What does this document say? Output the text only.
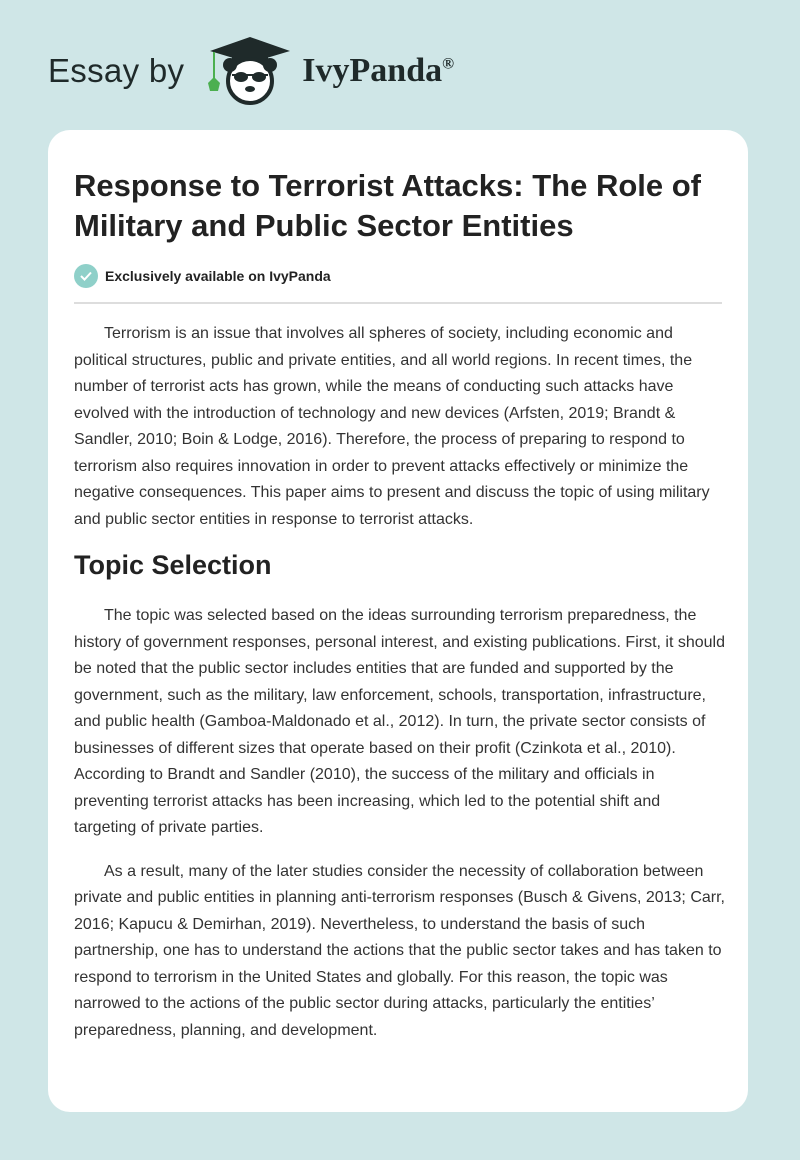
Essay by	IvyPanda®
Response to Terrorist Attacks: The Role of Military and Public Sector Entities
Exclusively available on IvyPanda

Terrorism is an issue that involves all spheres of society, including economic and political structures, public and private entities, and all world regions. In recent times, the number of terrorist acts has grown, while the means of conducting such attacks have evolved with the introduction of technology and new devices (Arfsten, 2019; Brandt & Sandler, 2010; Boin & Lodge, 2016). Therefore, the process of preparing to respond to terrorism also requires innovation in order to prevent attacks effectively or minimize the negative consequences. This paper aims to present and discuss the topic of using military and public sector entities in response to terrorist attacks.

Topic Selection

The topic was selected based on the ideas surrounding terrorism preparedness, the history of government responses, personal interest, and existing publications. First, it should be noted that the public sector includes entities that are funded and supported by the government, such as the military, law enforcement, schools, transportation, infrastructure, and public health (Gamboa-Maldonado et al., 2012). In turn, the private sector consists of businesses of different sizes that operate based on their profit (Czinkota et al., 2010). According to Brandt and Sandler (2010), the success of the military and officials in preventing terrorist attacks has been increasing, which led to the potential shift and targeting of private parties.

As a result, many of the later studies consider the necessity of collaboration between private and public entities in planning anti-terrorism responses (Busch & Givens, 2013; Carr, 2016; Kapucu & Demirhan, 2019). Nevertheless, to understand the basis of such partnership, one has to understand the actions that the public sector takes and has taken to respond to terrorism in the United States and globally. For this reason, the topic was narrowed to the actions of the public sector during attacks, particularly the entities’ preparedness, planning, and development.
